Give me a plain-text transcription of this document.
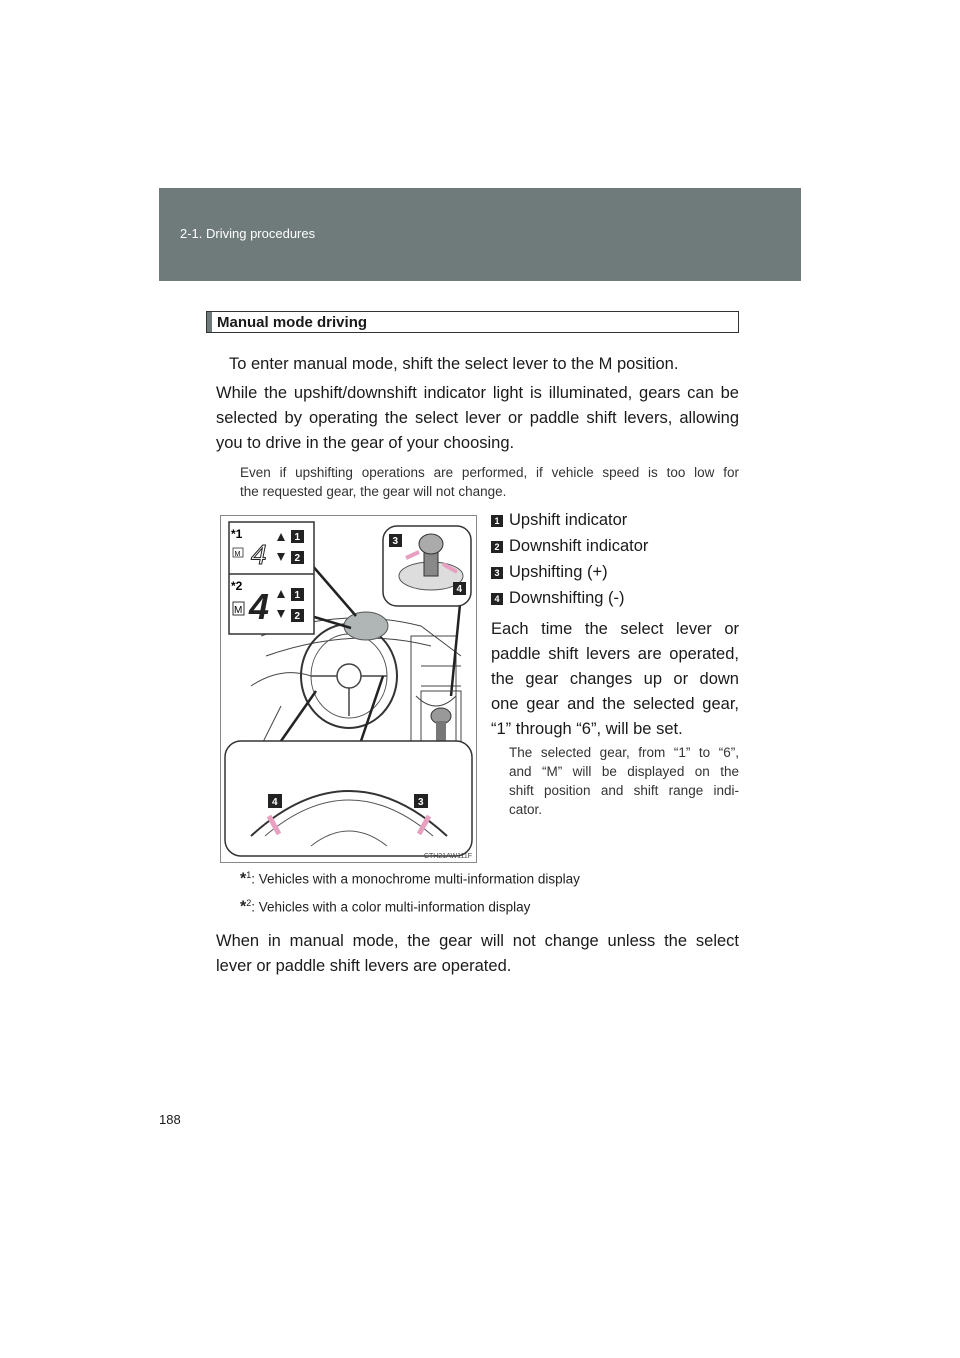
2-1. Driving procedures
Manual mode driving
To enter manual mode, shift the select lever to the M position.
While the upshift/downshift indicator light is illuminated, gears can be
selected by operating the select lever or paddle shift levers, allowing
you to drive in the gear of your choosing.
Even if upshifting operations are performed, if vehicle speed is too low for
the requested gear, the gear will not change.
*1
M 4
1
2
*2
M 4	1
2
3
4
4	3
CTH21AW111F
1 Upshift indicator
2 Downshift indicator
3 Upshifting (+)
4 Downshifting (-)
Each time the select lever or
paddle shift levers are operated,
the gear changes up or down
one gear and the selected gear,
“1” through “6”, will be set.
The selected gear, from “1” to “6”,
and “M” will be displayed on the
shift position and shift range indi-
cator.
*$^1$: Vehicles with a monochrome multi-information display
*$^2$: Vehicles with a color multi-information display
When in manual mode, the gear will not change unless the select
lever or paddle shift levers are operated.
188
